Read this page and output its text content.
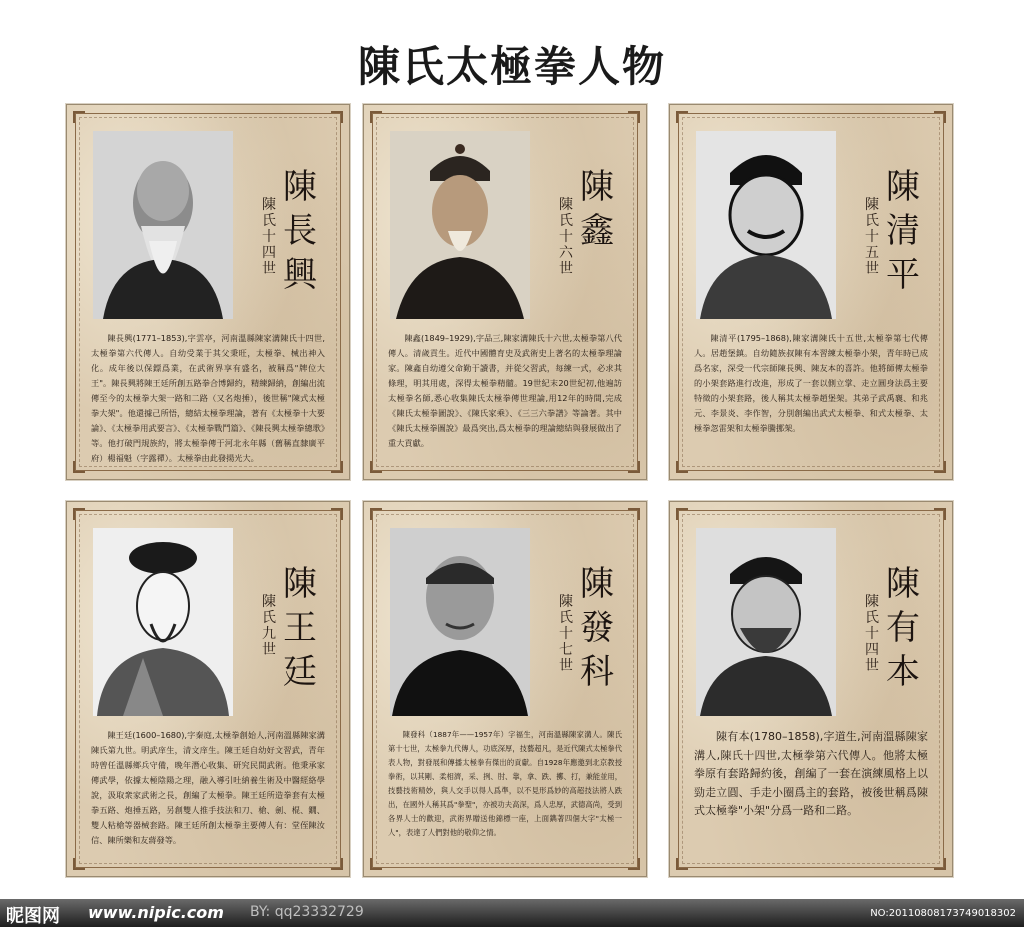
陳氏太極拳人物
陳
長
興
陳
氏
十
四
世
陳長興(1771–1853),字雲亭，河南溫縣陳家溝陳氏十四世,太極拳第六代傳人。自幼受業于其父秉旺，太極拳、械出神入化。成年後以保鏢爲業，在武術界享有盛名，被稱爲"牌位大王"。陳長興將陳王廷所創五路拳合博歸約，精練歸納，創編出流傳至今的太極拳大架一路和二路（又名炮捶），後世稱"陳式太極拳大架"。他還據己所悟，總結太極拳理論，著有《太極拳十大要論》、《太極拳用武要言》、《太極拳戰鬥篇》、《陳長興太極拳總歌》等。他打破門規族約，將太極拳傳于河北永年縣（舊稱直隸廣平府）楊福魁（字露禪）。太極拳由此發揚光大。
陳
鑫
陳
氏
十
六
世
陳鑫(1849–1929),字品三,陳家溝陳氏十六世,太極拳第八代傳人。清歲貢生。近代中國體育史及武術史上著名的太極拳理論家。陳鑫自幼遵父命勤于讀書，并從父習武，每練一式，必求其條理，明其用處，深得太極拳精髓。19世紀末20世紀初,他遍訪太極拳名師,悉心收集陳氏太極拳傳世理論,用12年的時間,完成《陳氏太極拳圖說》、《陳氏家乘》、《三三六拳譜》等論著。其中《陳氏太極拳圖說》最爲突出,爲太極拳的理論總結與發展做出了重大貢獻。
陳
清
平
陳
氏
十
五
世
陳清平(1795–1868),陳家溝陳氏十五世,太極拳第七代傳人。居趙堡鎮。自幼隨族叔陳有本習練太極拳小架，青年時已成爲名家，深受一代宗師陳長興、陳友本的喜許。他將師傳太極拳的小架套路進行改進，形成了一套以側立掌、走立圓身法爲主要特徵的小架套路，後人稱其太極拳趙堡架。其弟子武禹襄、和兆元、李景炎、李作智，分別創編出武式太極拳、和式太極拳、太極拳忽雷架和太極拳騰挪架。
陳
王
廷
陳
氏
九
世
陳王廷(1600–1680),字秦庭,太極拳創始人,河南溫縣陳家溝陳氏第九世。明武庠生，清文庠生。陳王廷自幼好文習武，青年時曾任溫縣鄉兵守備，晚年潛心收集、研究民間武術。他秉承家傳武學，依據太極陰陽之理，融入導引吐納養生術及中醫經絡學說，汲取衆家武術之長，創編了太極拳。陳王廷所造拳套有太極拳五路、炮捶五路，另創雙人推手技法和刀、槍、劍、棍、鐗、雙人粘槍等器械套路。陳王廷所創太極拳主要傳人有：堂侄陳汝信、陳所樂和友蔣發等。
陳
發
科
陳
氏
十
七
世
陳發科（1887年——1957年）字福生，河南溫縣陳家溝人。陳氏第十七世，太極拳九代傳人，功底深厚，技藝超凡，是近代陳式太極拳代表人物，對發展和傳播太極拳有傑出的貢獻。自1928年應邀到北京教授拳術，以其剛、柔相濟，采、挒、肘、靠，拿、跌、擲、打，兼能並用，技藝技術精妙，與人交手以得人爲準，以不見形爲妙的高超技法將人跌出，在國外人稱其爲"拳聖"，亦被功夫高深，爲人忠厚，武德高尚，受到各界人士的歡迎，武術界贈送他錦標一座，上面鐫著四個大字"太極一人"，表達了人們對他的敬仰之情。
陳
有
本
陳
氏
十
四
世
陳有本(1780–1858),字道生,河南溫縣陳家溝人,陳氏十四世,太極拳第六代傳人。他將太極拳原有套路歸約後，創編了一套在演練風格上以勁走立圓、手走小圈爲主的套路，被後世稱爲陳式太極拳"小架"分爲一路和二路。
昵图网 www.nipic.com BY: qq23332729	NO:20110808173749018302
